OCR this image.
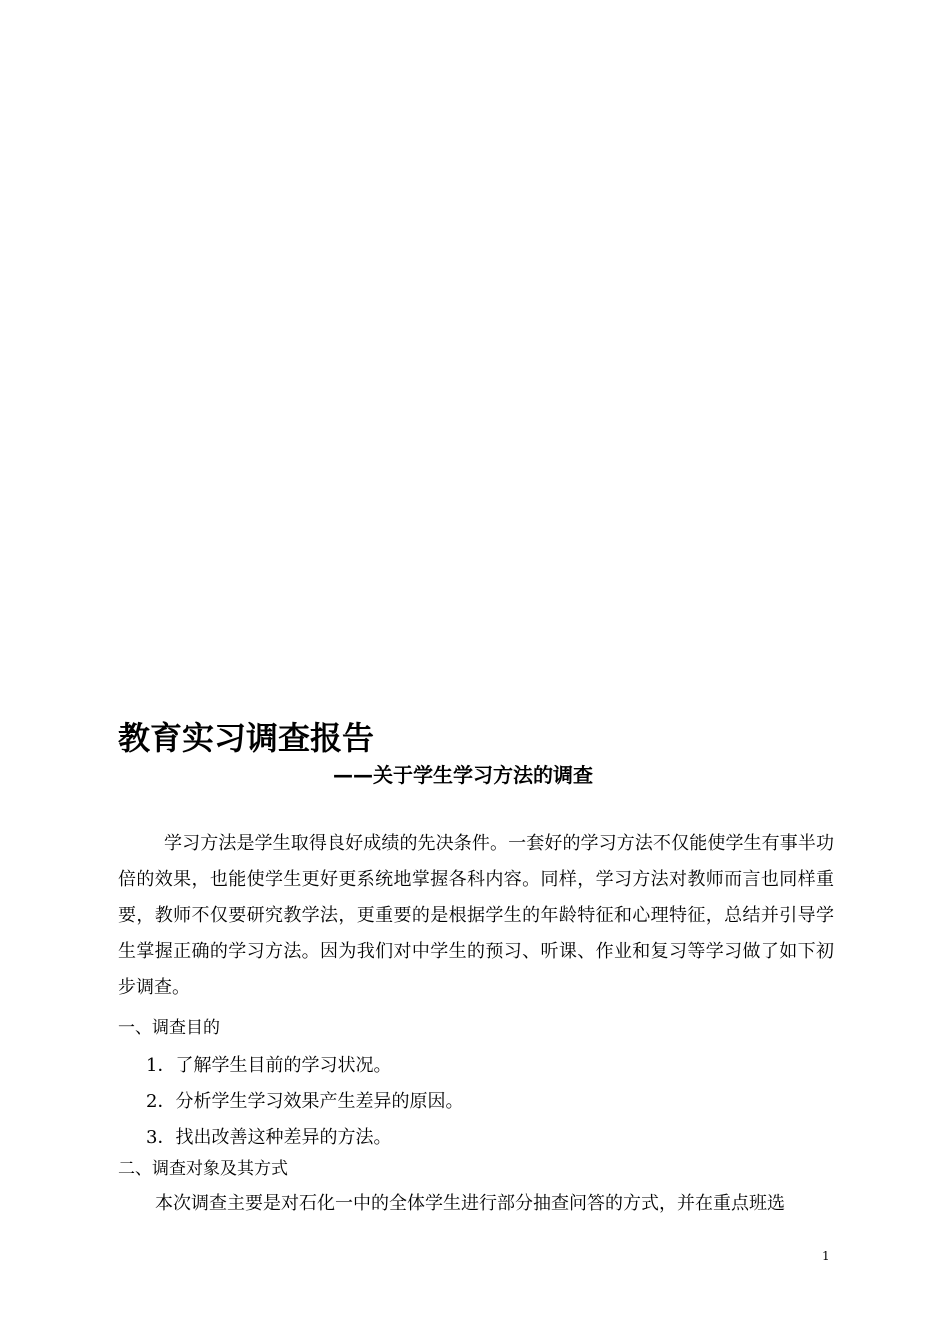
教育实习调查报告
——关于学生学习方法的调查
学习方法是学生取得良好成绩的先决条件。一套好的学习方法不仅能使学生有事半功倍的效果，也能使学生更好更系统地掌握各科内容。同样，学习方法对教师而言也同样重要，教师不仅要研究教学法，更重要的是根据学生的年龄特征和心理特征，总结并引导学生掌握正确的学习方法。因为我们对中学生的预习、听课、作业和复习等学习做了如下初步调查。
一、调查目的
1．了解学生目前的学习状况。
2．分析学生学习效果产生差异的原因。
3．找出改善这种差异的方法。
二、调查对象及其方式
本次调查主要是对石化一中的全体学生进行部分抽查问答的方式，并在重点班选
1
